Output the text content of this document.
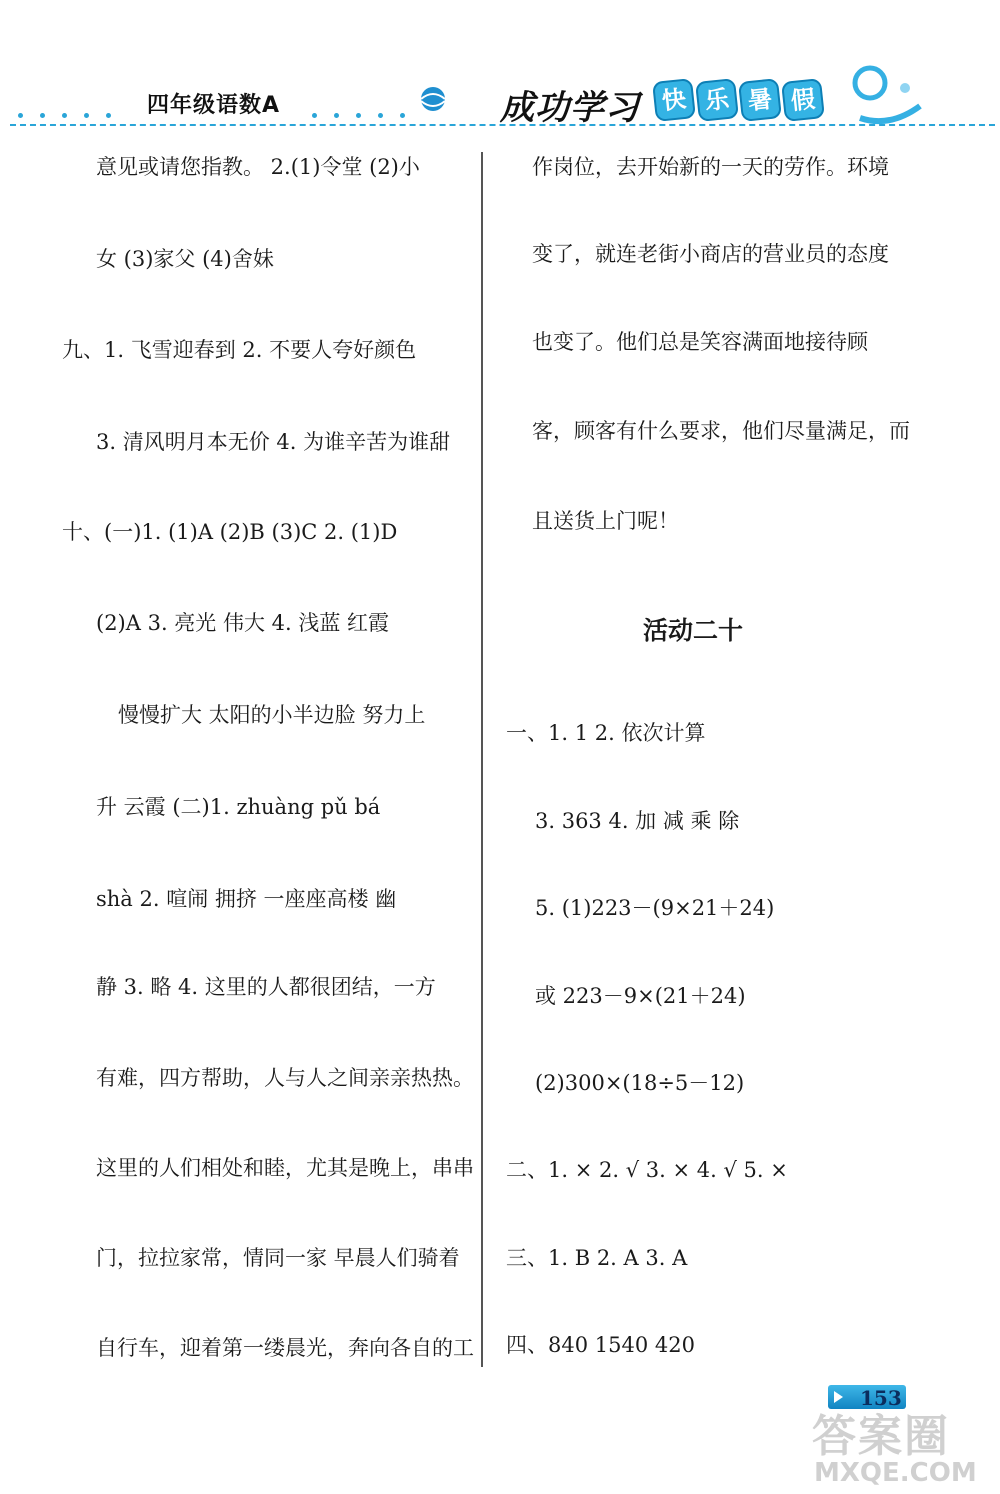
四年级语数A	成功学习 快 乐 暑 假
意见或请您指教。 2.(1)令堂 (2)小
女 (3)家父 (4)舍妹
九、1. 飞雪迎春到 2. 不要人夸好颜色
3. 清风明月本无价 4. 为谁辛苦为谁甜
十、(一)1. (1)A (2)B (3)C 2. (1)D
(2)A 3. 亮光 伟大 4. 浅蓝 红霞
慢慢扩大 太阳的小半边脸 努力上
升 云霞 (二)1. zhuàng pǔ bá
shà 2. 喧闹 拥挤 一座座高楼 幽
静 3. 略 4. 这里的人都很团结，一方
有难，四方帮助，人与人之间亲亲热热。
这里的人们相处和睦，尤其是晚上，串串
门，拉拉家常，情同一家 早晨人们骑着
自行车，迎着第一缕晨光，奔向各自的工
作岗位，去开始新的一天的劳作。环境
变了，就连老街小商店的营业员的态度
也变了。他们总是笑容满面地接待顾
客，顾客有什么要求，他们尽量满足，而
且送货上门呢！
活动二十
一、1. 1 2. 依次计算
3. 363 4. 加 减 乘 除
5. (1)223－(9×21＋24)
或 223－9×(21＋24)
(2)300×(18÷5－12)
二、1. × 2. √ 3. × 4. √ 5. ×
三、1. B 2. A 3. A
四、840 1540 420
153
答案圈
MXQE.COM
